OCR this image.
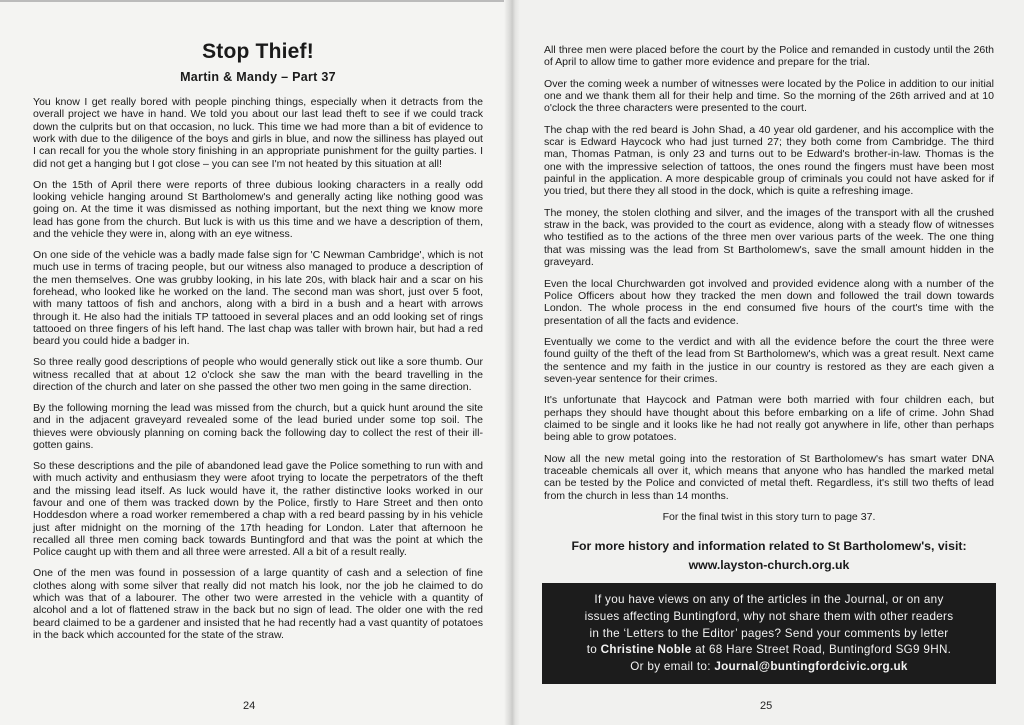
Stop Thief!
Martin & Mandy – Part 37

You know I get really bored with people pinching things, especially when it detracts from the overall project we have in hand. We told you about our last lead theft to see if we could track down the culprits but on that occasion, no luck. This time we had more than a bit of evidence to work with due to the diligence of the boys and girls in blue, and now the silliness has played out I can recall for you the whole story finishing in an appropriate punishment for the guilty parties. I did not get a hanging but I got close – you can see I'm not heated by this situation at all!

On the 15th of April there were reports of three dubious looking characters in a really odd looking vehicle hanging around St Bartholomew's and generally acting like nothing good was going on. At the time it was dismissed as nothing important, but the next thing we know more lead has gone from the church. But luck is with us this time and we have a description of them, and the vehicle they were in, along with an eye witness.

On one side of the vehicle was a badly made false sign for 'C Newman Cambridge', which is not much use in terms of tracing people, but our witness also managed to produce a description of the men themselves. One was grubby looking, in his late 20s, with black hair and a scar on his forehead, who looked like he worked on the land. The second man was short, just over 5 foot, with many tattoos of fish and anchors, along with a bird in a bush and a heart with arrows through it. He also had the initials TP tattooed in several places and an odd looking set of rings tattooed on three fingers of his left hand. The last chap was taller with brown hair, but had a red beard you could hide a badger in.

So three really good descriptions of people who would generally stick out like a sore thumb. Our witness recalled that at about 12 o'clock she saw the man with the beard travelling in the direction of the church and later on she passed the other two men going in the same direction.

By the following morning the lead was missed from the church, but a quick hunt around the site and in the adjacent graveyard revealed some of the lead buried under some top soil. The thieves were obviously planning on coming back the following day to collect the rest of their ill-gotten gains.

So these descriptions and the pile of abandoned lead gave the Police something to run with and with much activity and enthusiasm they were afoot trying to locate the perpetrators of the theft and the missing lead itself. As luck would have it, the rather distinctive looks worked in our favour and one of them was tracked down by the Police, firstly to Hare Street and then onto Hoddesdon where a road worker remembered a chap with a red beard passing by in his vehicle just after midnight on the morning of the 17th heading for London. Later that afternoon he recalled all three men coming back towards Buntingford and that was the point at which the Police caught up with them and all three were arrested. All a bit of a result really.

One of the men was found in possession of a large quantity of cash and a selection of fine clothes along with some silver that really did not match his look, nor the job he claimed to do which was that of a labourer. The other two were arrested in the vehicle with a quantity of alcohol and a lot of flattened straw in the back but no sign of lead. The older one with the red beard claimed to be a gardener and insisted that he had recently had a vast quantity of potatoes in the back which accounted for the state of the straw.

All three men were placed before the court by the Police and remanded in custody until the 26th of April to allow time to gather more evidence and prepare for the trial.

Over the coming week a number of witnesses were located by the Police in addition to our initial one and we thank them all for their help and time. So the morning of the 26th arrived and at 10 o'clock the three characters were presented to the court.

The chap with the red beard is John Shad, a 40 year old gardener, and his accomplice with the scar is Edward Haycock who had just turned 27; they both come from Cambridge. The third man, Thomas Patman, is only 23 and turns out to be Edward's brother-in-law. Thomas is the one with the impressive selection of tattoos, the ones round the fingers must have been most painful in the application. A more despicable group of criminals you could not have asked for if you tried, but there they all stood in the dock, which is quite a refreshing image.

The money, the stolen clothing and silver, and the images of the transport with all the crushed straw in the back, was provided to the court as evidence, along with a steady flow of witnesses who testified as to the actions of the three men over various parts of the week. The one thing that was missing was the lead from St Bartholomew's, save the small amount hidden in the graveyard.

Even the local Churchwarden got involved and provided evidence along with a number of the Police Officers about how they tracked the men down and followed the trail down towards London. The whole process in the end consumed five hours of the court's time with the presentation of all the facts and evidence.

Eventually we come to the verdict and with all the evidence before the court the three were found guilty of the theft of the lead from St Bartholomew's, which was a great result. Next came the sentence and my faith in the justice in our country is restored as they are each given a seven-year sentence for their crimes.

It's unfortunate that Haycock and Patman were both married with four children each, but perhaps they should have thought about this before embarking on a life of crime. John Shad claimed to be single and it looks like he had not really got anywhere in life, other than perhaps being able to grow potatoes.

Now all the new metal going into the restoration of St Bartholomew's has smart water DNA traceable chemicals all over it, which means that anyone who has handled the marked metal can be tested by the Police and convicted of metal theft. Regardless, it's still two thefts of lead from the church in less than 14 months.

For the final twist in this story turn to page 37.
For more history and information related to St Bartholomew's, visit:
www.layston-church.org.uk
If you have views on any of the articles in the Journal, or on any
issues affecting Buntingford, why not share them with other readers
in the ‘Letters to the Editor’ pages? Send your comments by letter
to Christine Noble at 68 Hare Street Road, Buntingford SG9 9HN.
Or by email to: Journal@buntingfordcivic.org.uk
24	25
